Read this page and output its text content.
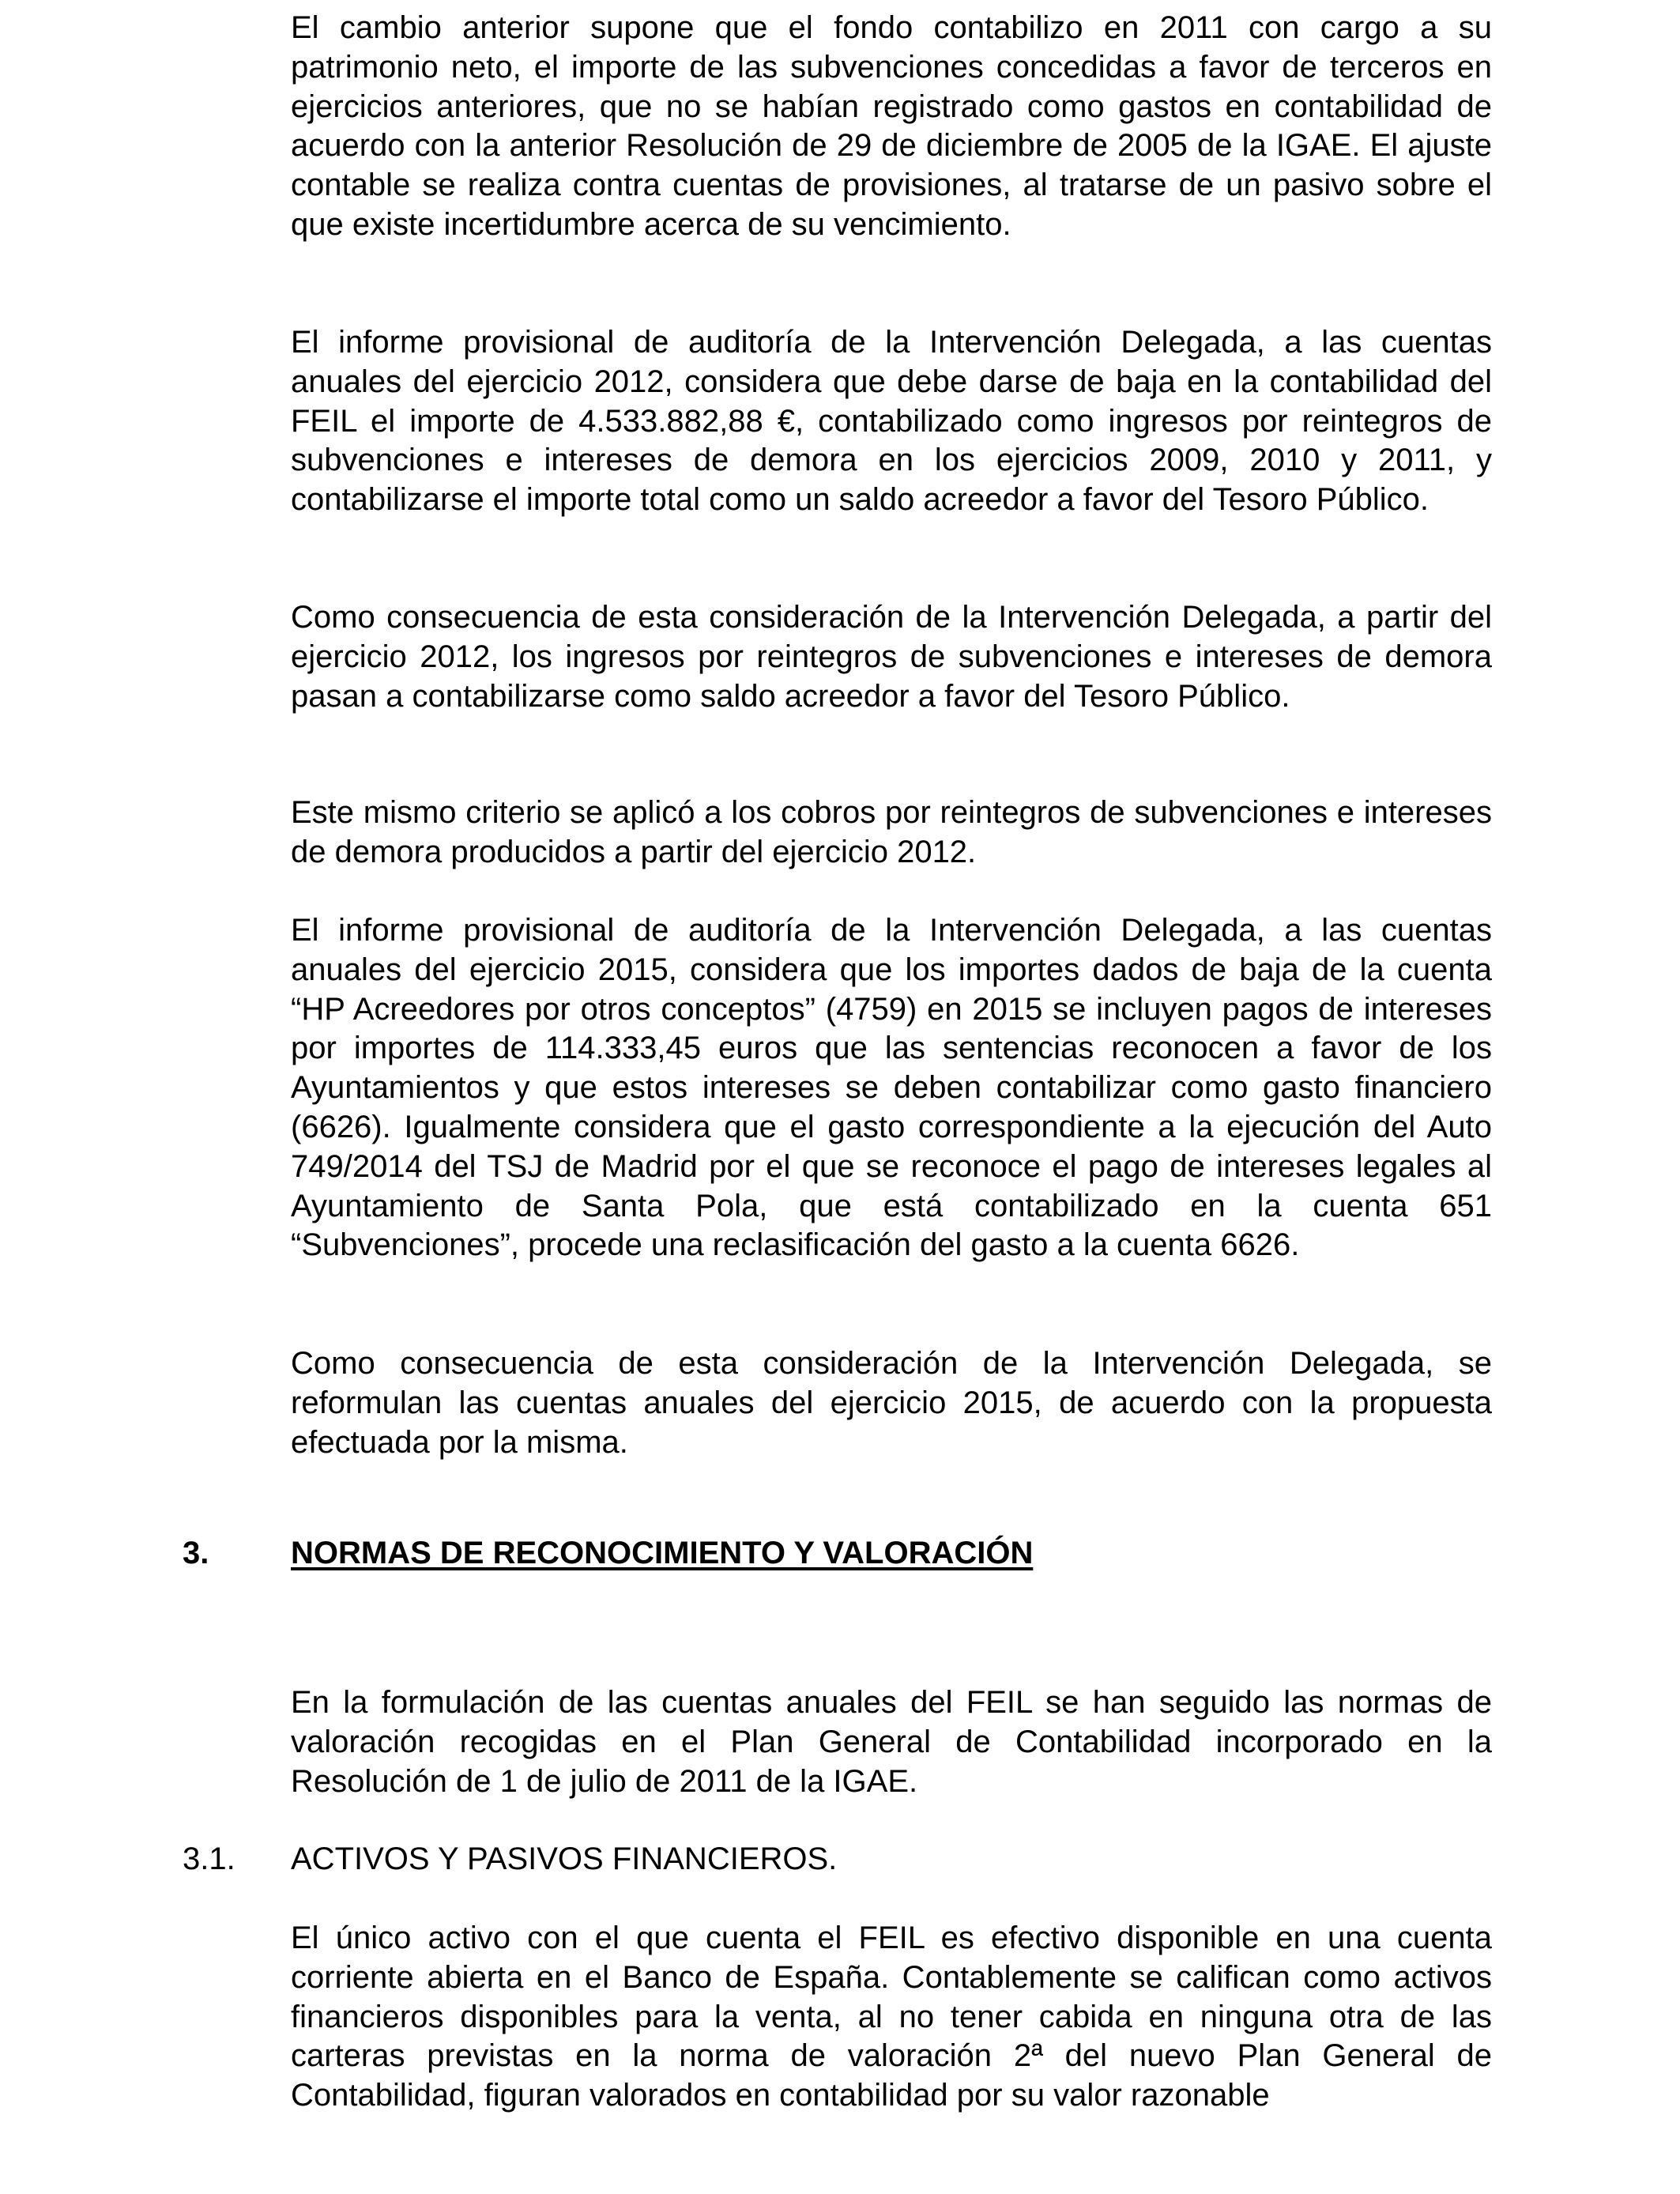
El cambio anterior supone que el fondo contabilizo en 2011 con cargo a su patrimonio neto, el importe de las subvenciones concedidas a favor de terceros en ejercicios anteriores, que no se habían registrado como gastos en contabilidad de acuerdo con la anterior Resolución de 29 de diciembre de 2005 de la IGAE. El ajuste contable se realiza contra cuentas de provisiones, al tratarse de un pasivo sobre el que existe incertidumbre acerca de su vencimiento.

El informe provisional de auditoría de la Intervención Delegada, a las cuentas anuales del ejercicio 2012, considera que debe darse de baja en la contabilidad del FEIL el importe de 4.533.882,88 €, contabilizado como ingresos por reintegros de subvenciones e intereses de demora en los ejercicios 2009, 2010 y 2011, y contabilizarse el importe total como un saldo acreedor a favor del Tesoro Público.

Como consecuencia de esta consideración de la Intervención Delegada, a partir del ejercicio 2012, los ingresos por reintegros de subvenciones e intereses de demora pasan a contabilizarse como saldo acreedor a favor del Tesoro Público.

Este mismo criterio se aplicó a los cobros por reintegros de subvenciones e intereses de demora producidos a partir del ejercicio 2012.

El informe provisional de auditoría de la Intervención Delegada, a las cuentas anuales del ejercicio 2015, considera que los importes dados de baja de la cuenta “HP Acreedores por otros conceptos” (4759) en 2015 se incluyen pagos de intereses por importes de 114.333,45 euros que las sentencias reconocen a favor de los Ayuntamientos y que estos intereses se deben contabilizar como gasto financiero (6626). Igualmente considera que el gasto correspondiente a la ejecución del Auto 749/2014 del TSJ de Madrid por el que se reconoce el pago de intereses legales al Ayuntamiento de Santa Pola, que está contabilizado en la cuenta 651 “Subvenciones”, procede una reclasificación del gasto a la cuenta 6626.

Como consecuencia de esta consideración de la Intervención Delegada, se reformulan las cuentas anuales del ejercicio 2015, de acuerdo con la propuesta efectuada por la misma.

3.	NORMAS DE RECONOCIMIENTO Y VALORACIÓN

En la formulación de las cuentas anuales del FEIL se han seguido las normas de valoración recogidas en el Plan General de Contabilidad incorporado en la Resolución de 1 de julio de 2011 de la IGAE.

3.1. ACTIVOS Y PASIVOS FINANCIEROS.

El único activo con el que cuenta el FEIL es efectivo disponible en una cuenta corriente abierta en el Banco de España. Contablemente se califican como activos financieros disponibles para la venta, al no tener cabida en ninguna otra de las carteras previstas en la norma de valoración 2ª del nuevo Plan General de Contabilidad, figuran valorados en contabilidad por su valor razonable
